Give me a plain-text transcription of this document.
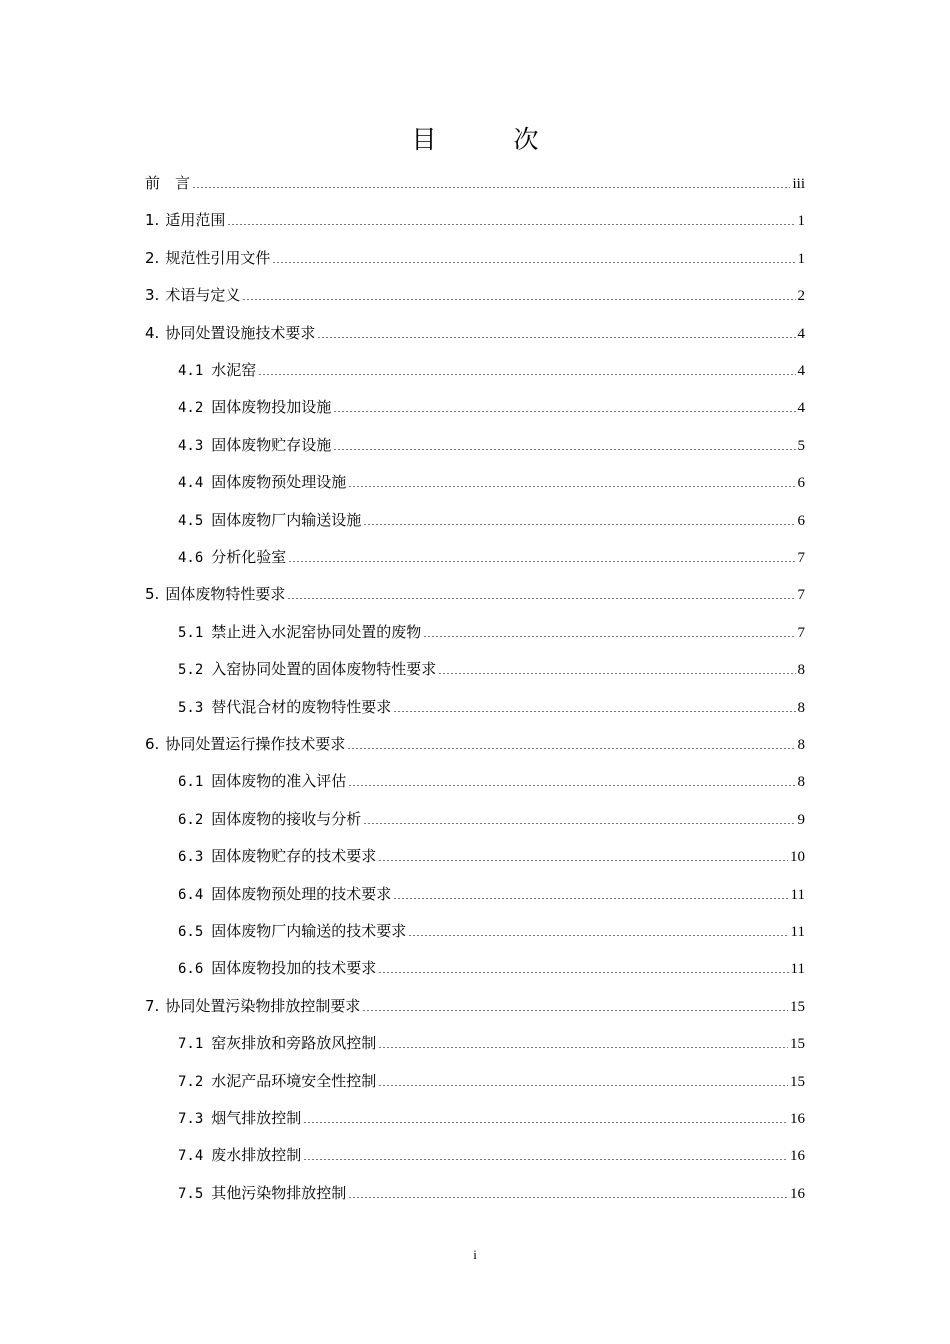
目　次
前　言	iii
1. 适用范围	1
2. 规范性引用文件	1
3. 术语与定义	2
4. 协同处置设施技术要求	4
4.1 水泥窑	4
4.2 固体废物投加设施	4
4.3 固体废物贮存设施	5
4.4 固体废物预处理设施	6
4.5 固体废物厂内输送设施	6
4.6 分析化验室	7
5. 固体废物特性要求	7
5.1 禁止进入水泥窑协同处置的废物	7
5.2 入窑协同处置的固体废物特性要求	8
5.3 替代混合材的废物特性要求	8
6. 协同处置运行操作技术要求	8
6.1 固体废物的准入评估	8
6.2 固体废物的接收与分析	9
6.3 固体废物贮存的技术要求	10
6.4 固体废物预处理的技术要求	11
6.5 固体废物厂内输送的技术要求	11
6.6 固体废物投加的技术要求	11
7. 协同处置污染物排放控制要求	15
7.1 窑灰排放和旁路放风控制	15
7.2 水泥产品环境安全性控制	15
7.3 烟气排放控制	16
7.4 废水排放控制	16
7.5 其他污染物排放控制	16
i
